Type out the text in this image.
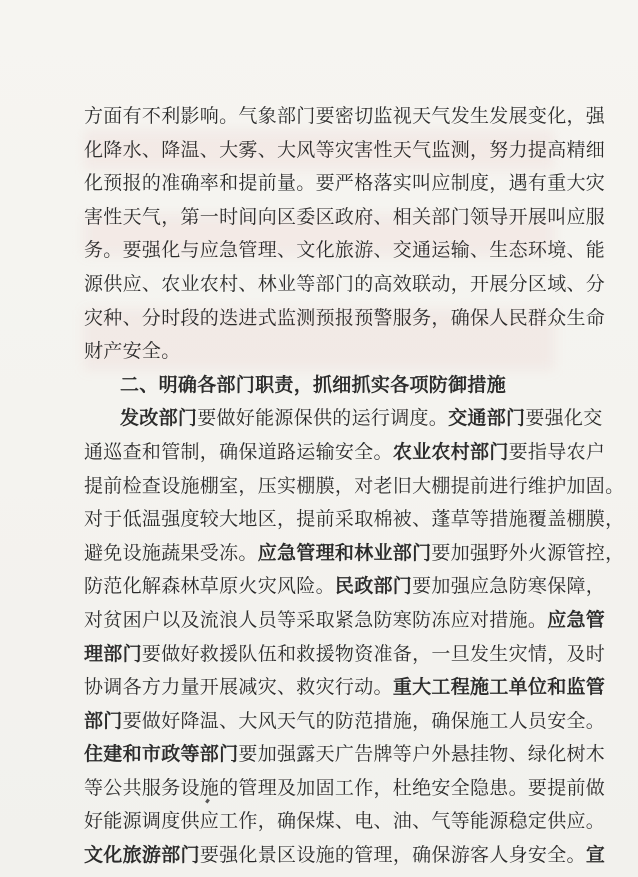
方面有不利影响。气象部门要密切监视天气发生发展变化，强
化降水、降温、大雾、大风等灾害性天气监测，努力提高精细
化预报的准确率和提前量。要严格落实叫应制度，遇有重大灾
害性天气，第一时间向区委区政府、相关部门领导开展叫应服
务。要强化与应急管理、文化旅游、交通运输、生态环境、能
源供应、农业农村、林业等部门的高效联动，开展分区域、分
灾种、分时段的迭进式监测预报预警服务，确保人民群众生命
财产安全。
二、明确各部门职责，抓细抓实各项防御措施
发改部门要做好能源保供的运行调度。交通部门要强化交
通巡查和管制，确保道路运输安全。农业农村部门要指导农户
提前检查设施棚室，压实棚膜，对老旧大棚提前进行维护加固。
对于低温强度较大地区，提前采取棉被、蓬草等措施覆盖棚膜，
避免设施蔬果受冻。应急管理和林业部门要加强野外火源管控，
防范化解森林草原火灾风险。民政部门要加强应急防寒保障，
对贫困户以及流浪人员等采取紧急防寒防冻应对措施。应急管
理部门要做好救援队伍和救援物资准备，一旦发生灾情，及时
协调各方力量开展减灾、救灾行动。重大工程施工单位和监管
部门要做好降温、大风天气的防范措施，确保施工人员安全。
住建和市政等部门要加强露天广告牌等户外悬挂物、绿化树木
等公共服务设施的管理及加固工作，杜绝安全隐患。要提前做
好能源调度供应工作，确保煤、电、油、气等能源稳定供应。
文化旅游部门要强化景区设施的管理，确保游客人身安全。宣
